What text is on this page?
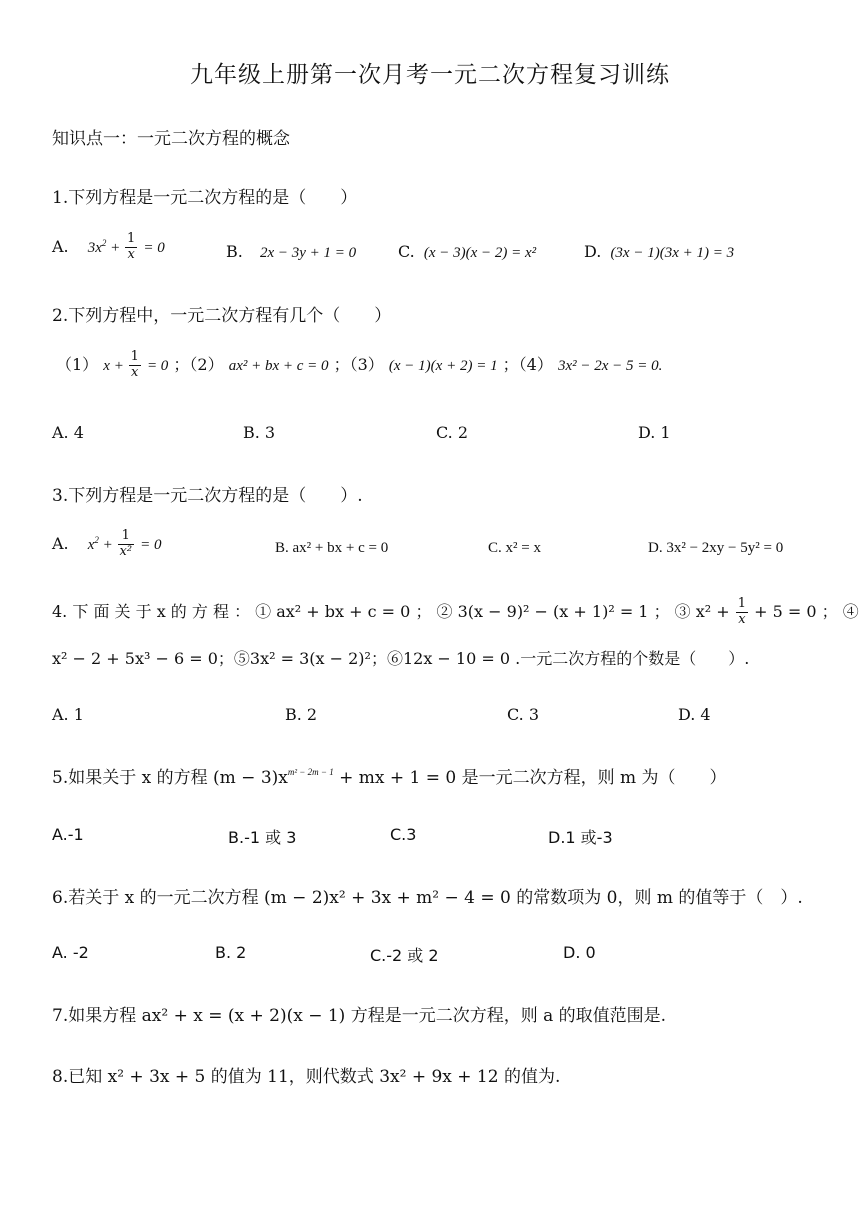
九年级上册第一次月考一元二次方程复习训练
知识点一：一元二次方程的概念
1.下列方程是一元二次方程的是（　　）
A. $3x^2 + \frac{1}{x} = 0$	B. 2x − 3y + 1 = 0	C. (x − 3)(x − 2) = x²	D. (3x − 1)(3x + 1) = 3
2.下列方程中，一元二次方程有几个（　　）
（1） $x + \frac{1}{x} = 0$ ；（2） ax² + bx + c = 0 ；（3） (x − 1)(x + 2) = 1 ；（4） 3x² − 2x − 5 = 0.
A. 4	B. 3	C. 2	D. 1
3.下列方程是一元二次方程的是（　　）.
A. $x^2 + \frac{1}{\text{x²}} = 0$	B. ax² + bx + c = 0	C. x² = x	D. 3x² − 2xy − 5y² = 0
4. 下 面 关 于 x 的 方 程 ： ① ax² + bx + c = 0 ； ② 3(x − 9)² − (x + 1)² = 1 ； ③ $x^2 + \frac{1}{x} + 5 = 0$ ； ④
x² − 2 + 5x³ − 6 = 0；⑤3x² = 3(x − 2)²；⑥12x − 10 = 0 .一元二次方程的个数是（　　）.
A. 1	B. 2	C. 3	D. 4
5.如果关于 x 的方程 $(m - 3)x^{m^2 - 2m - 1}$ + mx + 1 = 0 是一元二次方程，则 m 为（　　）
A.-1	B.-1 或 3	C.3	D.1 或-3
6.若关于 x 的一元二次方程 (m − 2)x² + 3x + m² − 4 = 0 的常数项为 0，则 m 的值等于（　）.
A. -2	B. 2	C.-2 或 2	D. 0
7.如果方程 ax² + x = (x + 2)(x − 1) 方程是一元二次方程，则 a 的取值范围是.
8.已知 x² + 3x + 5 的值为 11，则代数式 3x² + 9x + 12 的值为.
